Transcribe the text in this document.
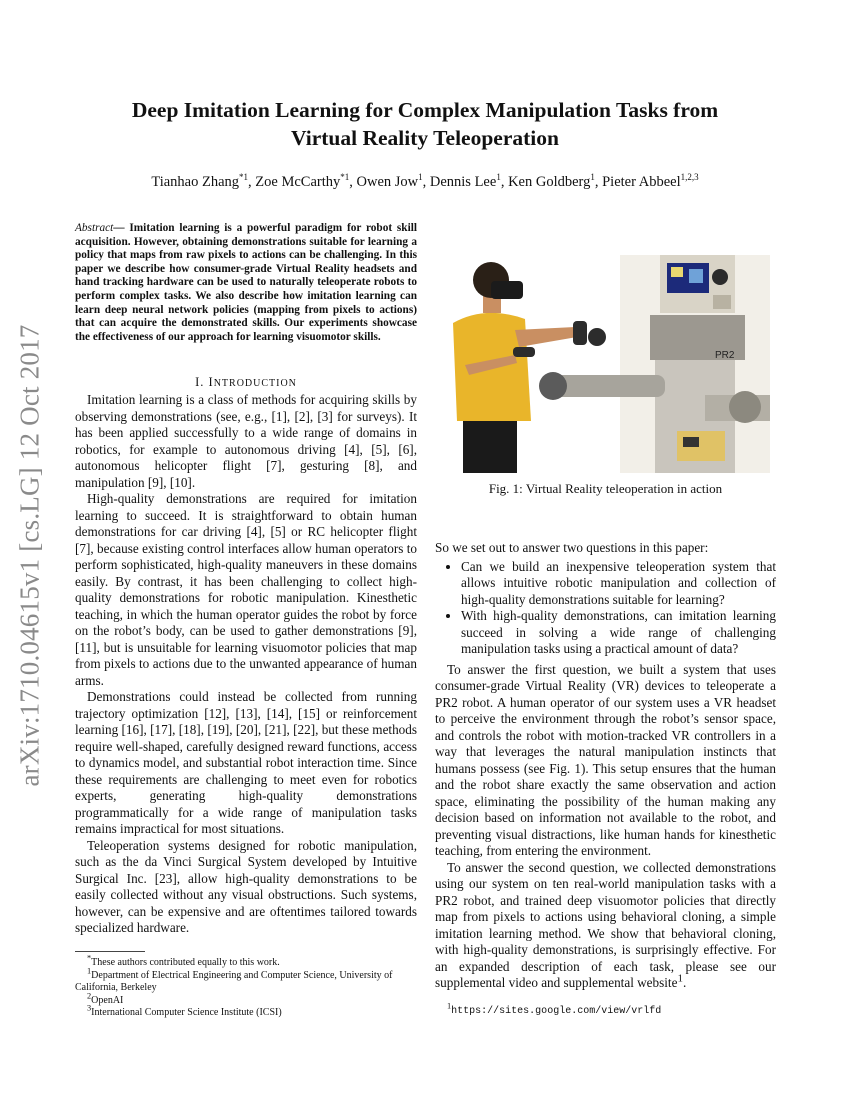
arXiv:1710.04615v1 [cs.LG] 12 Oct 2017
Deep Imitation Learning for Complex Manipulation Tasks from
Virtual Reality Teleoperation
Tianhao Zhang$^{*1}$, Zoe McCarthy$^{*1}$, Owen Jow$^1$, Dennis Lee$^1$, Ken Goldberg$^1$, Pieter Abbeel$^{1,2,3}$
Abstract— Imitation learning is a powerful paradigm for robot skill acquisition. However, obtaining demonstrations suitable for learning a policy that maps from raw pixels to actions can be challenging. In this paper we describe how consumer-grade Virtual Reality headsets and hand tracking hardware can be used to naturally teleoperate robots to perform complex tasks. We also describe how imitation learning can learn deep neural network policies (mapping from pixels to actions) that can acquire the demonstrated skills. Our experiments showcase the effectiveness of our approach for learning visuomotor skills.
I. INTRODUCTION

Imitation learning is a class of methods for acquiring skills by observing demonstrations (see, e.g., [1], [2], [3] for surveys). It has been applied successfully to a wide range of domains in robotics, for example to autonomous driving [4], [5], [6], autonomous helicopter flight [7], gesturing [8], and manipulation [9], [10].

High-quality demonstrations are required for imitation learning to succeed. It is straightforward to obtain human demonstrations for car driving [4], [5] or RC helicopter flight [7], because existing control interfaces allow human operators to perform sophisticated, high-quality maneuvers in these domains easily. By contrast, it has been challenging to collect high-quality demonstrations for robotic manipulation. Kinesthetic teaching, in which the human operator guides the robot by force on the robot’s body, can be used to gather demonstrations [9], [11], but is unsuitable for learning visuomotor policies that map from pixels to actions due to the unwanted appearance of human arms.

Demonstrations could instead be collected from running trajectory optimization [12], [13], [14], [15] or reinforcement learning [16], [17], [18], [19], [20], [21], [22], but these methods require well-shaped, carefully designed reward functions, access to dynamics model, and substantial robot interaction time. Since these requirements are challenging to meet even for robotics experts, generating high-quality demonstrations programmatically for a wide range of manipulation tasks remains impractical for most situations.

Teleoperation systems designed for robotic manipulation, such as the da Vinci Surgical System developed by Intuitive Surgical Inc. [23], allow high-quality demonstrations to be easily collected without any visual obstructions. Such systems, however, can be expensive and are oftentimes tailored towards specialized hardware.

*These authors contributed equally to this work.
$^1$Department of Electrical Engineering and Computer Science, University of California, Berkeley
$^2$OpenAI
$^3$International Computer Science Institute (ICSI)
PR2
Fig. 1: Virtual Reality teleoperation in action

So we set out to answer two questions in this paper:

• Can we build an inexpensive teleoperation system that allows intuitive robotic manipulation and collection of high-quality demonstrations suitable for learning?
• With high-quality demonstrations, can imitation learning succeed in solving a wide range of challenging manipulation tasks using a practical amount of data?

To answer the first question, we built a system that uses consumer-grade Virtual Reality (VR) devices to teleoperate a PR2 robot. A human operator of our system uses a VR headset to perceive the environment through the robot’s sensor space, and controls the robot with motion-tracked VR controllers in a way that leverages the natural manipulation instincts that humans possess (see Fig. 1). This setup ensures that the human and the robot share exactly the same observation and action space, eliminating the possibility of the human making any decision based on information not available to the robot, and preventing visual distractions, like human hands for kinesthetic teaching, from entering the environment.

To answer the second question, we collected demonstrations using our system on ten real-world manipulation tasks with a PR2 robot, and trained deep visuomotor policies that directly map from pixels to actions using behavioral cloning, a simple imitation learning method. We show that behavioral cloning, with high-quality demonstrations, is surprisingly effective. For an expanded description of each task, please see our supplemental video and supplemental website$^1$.

$^1$https://sites.google.com/view/vrlfd
